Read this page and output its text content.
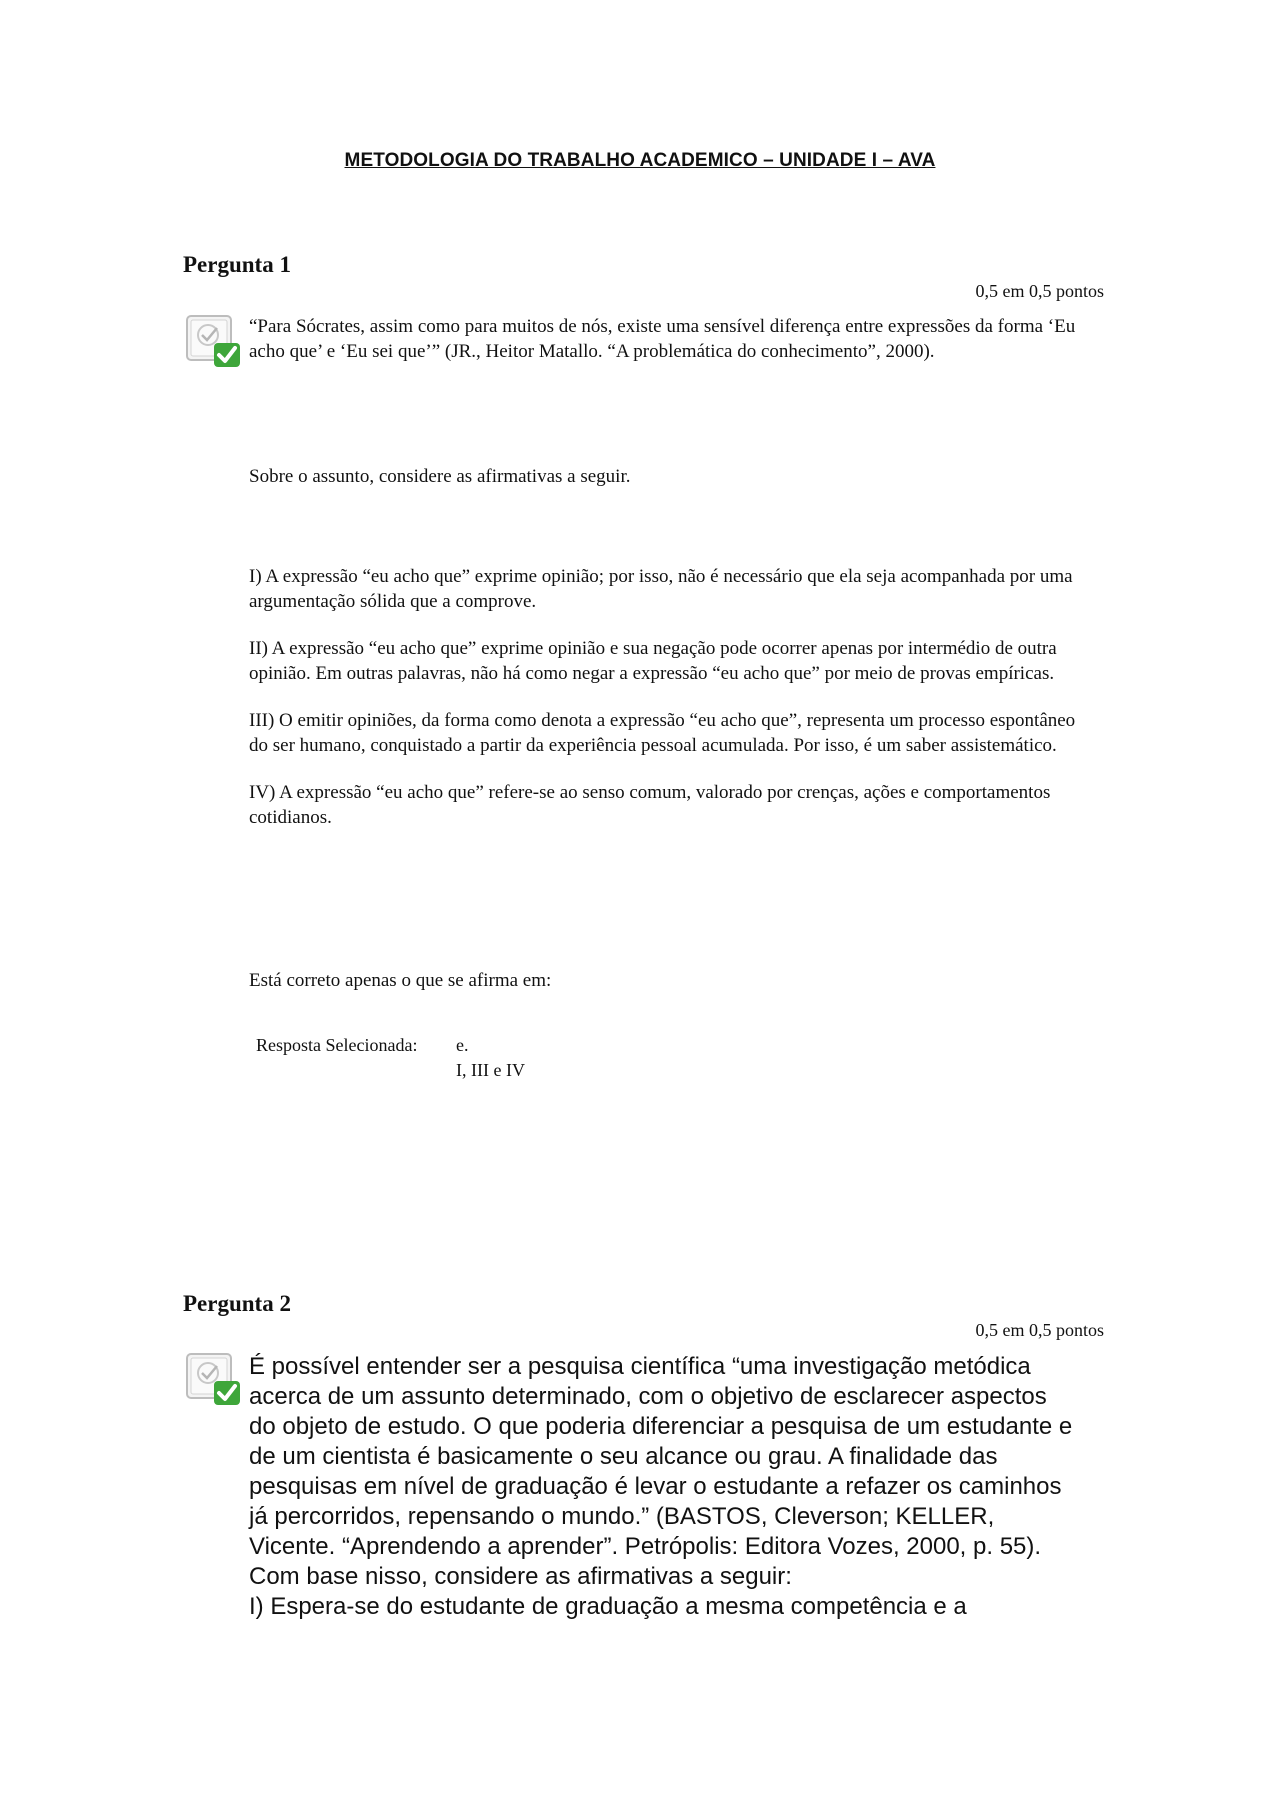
METODOLOGIA DO TRABALHO ACADEMICO – UNIDADE I – AVA
Pergunta 1
0,5 em 0,5 pontos

“Para Sócrates, assim como para muitos de nós, existe uma sensível diferença entre expressões da forma ‘Eu acho que’ e ‘Eu sei que’” (JR., Heitor Matallo. “A problemática do conhecimento”, 2000).

Sobre o assunto, considere as afirmativas a seguir.

I) A expressão “eu acho que” exprime opinião; por isso, não é necessário que ela seja acompanhada por uma argumentação sólida que a comprove.

II) A expressão “eu acho que” exprime opinião e sua negação pode ocorrer apenas por intermédio de outra opinião. Em outras palavras, não há como negar a expressão “eu acho que” por meio de provas empíricas.

III) O emitir opiniões, da forma como denota a expressão “eu acho que”, representa um processo espontâneo do ser humano, conquistado a partir da experiência pessoal acumulada. Por isso, é um saber assistemático.

IV) A expressão “eu acho que” refere-se ao senso comum, valorado por crenças, ações e comportamentos cotidianos.

Está correto apenas o que se afirma em:

Resposta Selecionada: e.
I, III e IV
Pergunta 2
0,5 em 0,5 pontos

É possível entender ser a pesquisa científica “uma investigação metódica acerca de um assunto determinado, com o objetivo de esclarecer aspectos do objeto de estudo. O que poderia diferenciar a pesquisa de um estudante e de um cientista é basicamente o seu alcance ou grau. A finalidade das pesquisas em nível de graduação é levar o estudante a refazer os caminhos já percorridos, repensando o mundo.” (BASTOS, Cleverson; KELLER, Vicente. “Aprendendo a aprender”. Petrópolis: Editora Vozes, 2000, p. 55).

Com base nisso, considere as afirmativas a seguir:

I) Espera-se do estudante de graduação a mesma competência e a
